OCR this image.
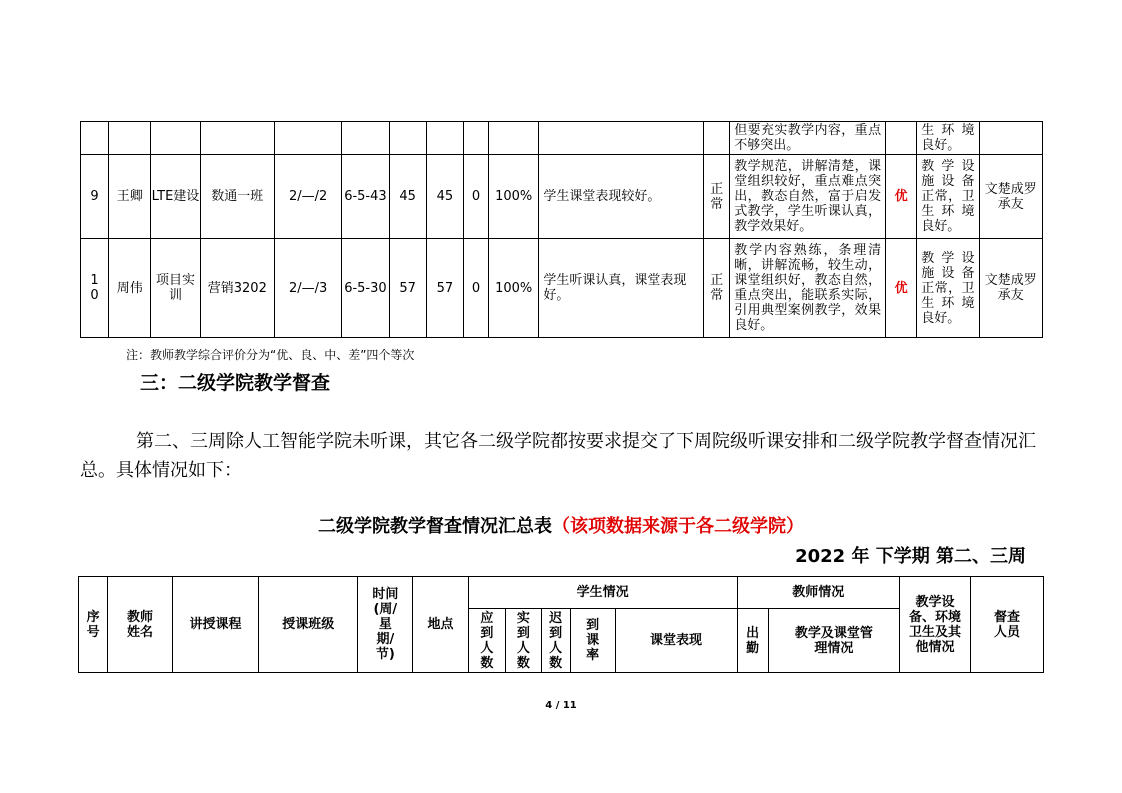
												但要充实教学内容，重点不够突出。		生 环 境 良好。	
9	王卿	LTE建设	数通一班	2/—/2	6-5-43	45	45	0	100%	学生课堂表现较好。	正常	教学规范，讲解清楚，课堂组织较好，重点难点突出，教态自然，富于启发式教学，学生听课认真，教学效果好。	优	教 学 设 施 设 备 正常，卫 生 环 境 良好。	文楚成罗承友
10	周伟	项目实训	营销3202	2/—/3	6-5-30	57	57	0	100%	学生听课认真，课堂表现好。	正常	教学内容熟练，条理清晰，讲解流畅，较生动，课堂组织好，教态自然，重点突出，能联系实际，引用典型案例教学，效果良好。	优	教 学 设 施 设 备 正常，卫 生 环 境 良好。	文楚成罗承友
注：教师教学综合评价分为“优、良、中、差”四个等次
三：二级学院教学督查
第二、三周除人工智能学院未听课，其它各二级学院都按要求提交了下周院级听课安排和二级学院教学督查情况汇总。具体情况如下：
二级学院教学督查情况汇总表（该项数据来源于各二级学院）
2022 年 下学期 第二、三周
序号	教师姓名	讲授课程	授课班级	时间(周/星期/节)	地点	学生情况					教师情况		教学设备、环境卫生及其他情况	督查人员
						应到人数	实到人数	迟到人数	到课率	课堂表现	出勤	教学及课堂管理情况		
4 / 11
